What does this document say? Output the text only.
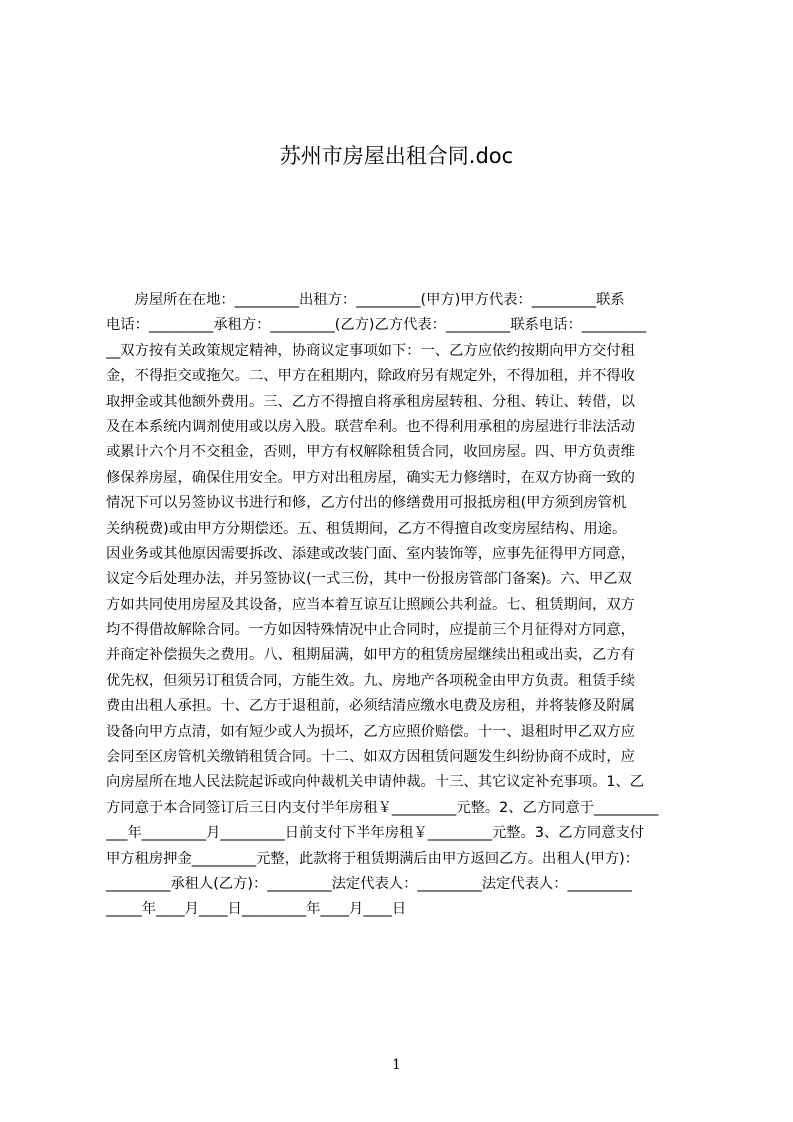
苏州市房屋出租合同.doc
　　房屋所在在地：_________出租方：_________(甲方)甲方代表：_________联系
电话：_________承租方：_________(乙方)乙方代表：_________联系电话：_________
__双方按有关政策规定精神，协商议定事项如下：一、乙方应依约按期向甲方交付租
金，不得拒交或拖欠。二、甲方在租期内，除政府另有规定外，不得加租，并不得收
取押金或其他额外费用。三、乙方不得擅自将承租房屋转租、分租、转让、转借，以
及在本系统内调剂使用或以房入股。联营牟利。也不得利用承租的房屋进行非法活动
或累计六个月不交租金，否则，甲方有权解除租赁合同，收回房屋。四、甲方负责维
修保养房屋，确保住用安全。甲方对出租房屋，确实无力修缮时，在双方协商一致的
情况下可以另签协议书进行和修，乙方付出的修缮费用可报抵房租(甲方须到房管机
关纳税费)或由甲方分期偿还。五、租赁期间，乙方不得擅自改变房屋结构、用途。
因业务或其他原因需要拆改、添建或改装门面、室内装饰等，应事先征得甲方同意，
议定今后处理办法，并另签协议(一式三份，其中一份报房管部门备案)。六、甲乙双
方如共同使用房屋及其设备，应当本着互谅互让照顾公共利益。七、租赁期间，双方
均不得借故解除合同。一方如因特殊情况中止合同时，应提前三个月征得对方同意，
并商定补偿损失之费用。八、租期届满，如甲方的租赁房屋继续出租或出卖，乙方有
优先权，但须另订租赁合同，方能生效。九、房地产各项税金由甲方负责。租赁手续
费由出租人承担。十、乙方于退租前，必须结清应缴水电费及房租，并将装修及附属
设备向甲方点清，如有短少或人为损坏，乙方应照价赔偿。十一、退租时甲乙双方应
会同至区房管机关缴销租赁合同。十二、如双方因租赁问题发生纠纷协商不成时，应
向房屋所在地人民法院起诉或向仲裁机关申请仲裁。十三、其它议定补充事项。1、乙
方同意于本合同签订后三日内支付半年房租￥_________元整。2、乙方同意于_________
___年_________月_________日前支付下半年房租￥_________元整。3、乙方同意支付
甲方租房押金_________元整，此款将于租赁期满后由甲方返回乙方。出租人(甲方)：
_________承租人(乙方)：_________法定代表人：_________法定代表人：_________
_____年____月____日_________年____月____日
1
